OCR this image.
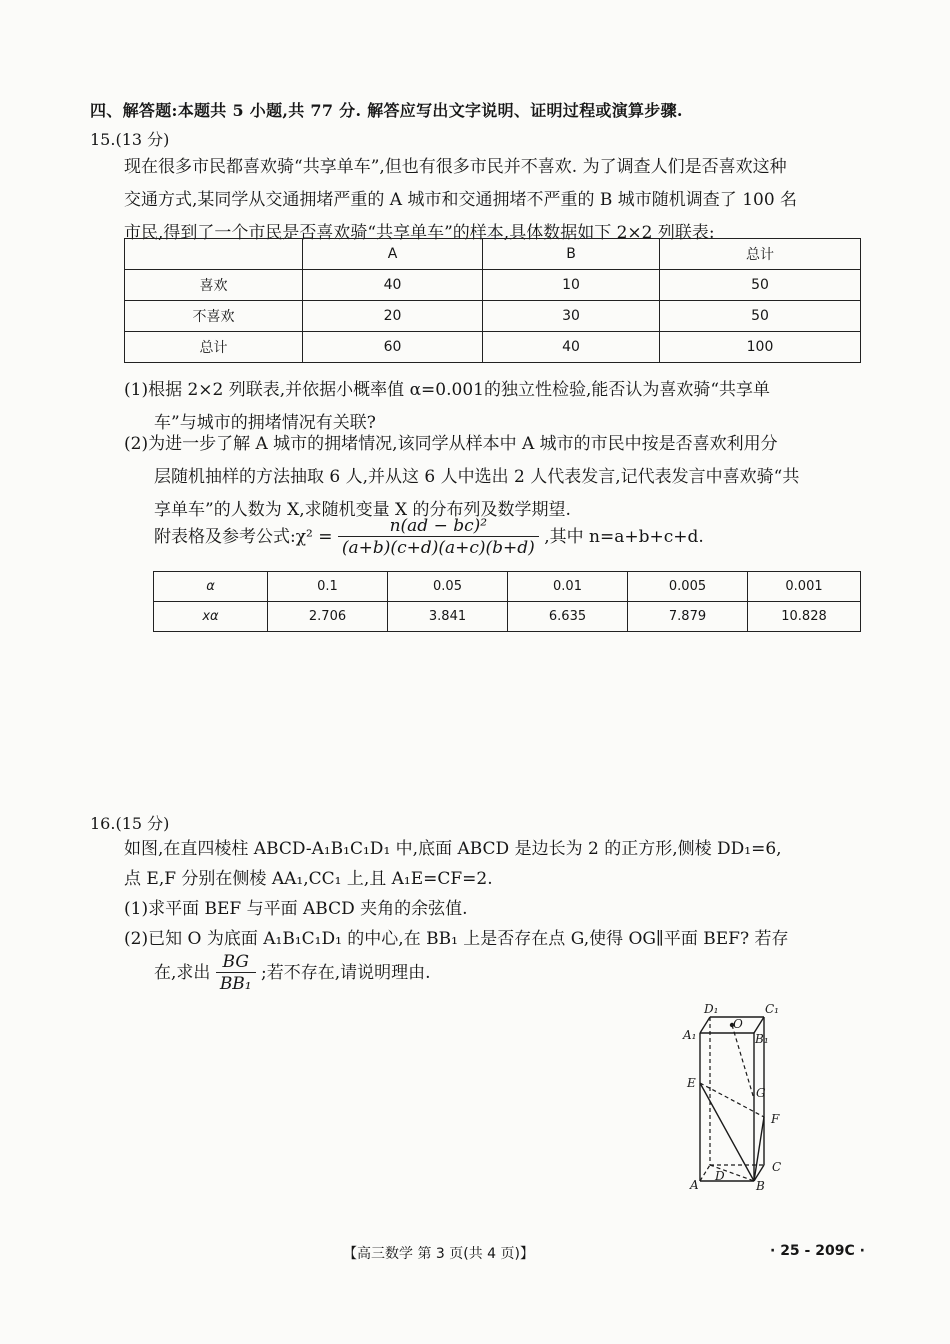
四、解答题:本题共 5 小题,共 77 分. 解答应写出文字说明、证明过程或演算步骤.
15.(13 分)

现在很多市民都喜欢骑“共享单车”,但也有很多市民并不喜欢. 为了调查人们是否喜欢这种

交通方式,某同学从交通拥堵严重的 A 城市和交通拥堵不严重的 B 城市随机调查了 100 名

市民,得到了一个市民是否喜欢骑“共享单车”的样本,具体数据如下 2×2 列联表:

	A	B	总计
喜欢	40	10	50
不喜欢	20	30	50
总计	60	40	100

(1)根据 2×2 列联表,并依据小概率值 α=0.001的独立性检验,能否认为喜欢骑“共享单

车”与城市的拥堵情况有关联?

(2)为进一步了解 A 城市的拥堵情况,该同学从样本中 A 城市的市民中按是否喜欢利用分

层随机抽样的方法抽取 6 人,并从这 6 人中选出 2 人代表发言,记代表发言中喜欢骑“共

享单车”的人数为 X,求随机变量 X 的分布列及数学期望.

附表格及参考公式:χ² = $\frac{\text{n(ad − bc)²}}{(a+b)(c+d)(a+c)(b+d)}$ ,其中 n=a+b+c+d.
α	0.1	0.05	0.01	0.005	0.001
xα	2.706	3.841	6.635	7.879	10.828
16.(15 分)

如图,在直四棱柱 ABCD-A₁B₁C₁D₁ 中,底面 ABCD 是边长为 2 的正方形,侧棱 DD₁=6,

点 E,F 分别在侧棱 AA₁,CC₁ 上,且 A₁E=CF=2.

(1)求平面 BEF 与平面 ABCD 夹角的余弦值.

(2)已知 O 为底面 A₁B₁C₁D₁ 的中心,在 BB₁ 上是否存在点 G,使得 OG∥平面 BEF? 若存

在,求出 $\frac{BG}{\text{BB₁}}$ ;若不存在,请说明理由.
D₁	C₁
A₁	B₁
O
E
G
F
C
D
A	B
【高三数学 第 3 页(共 4 页)】	· 25 - 209C ·
